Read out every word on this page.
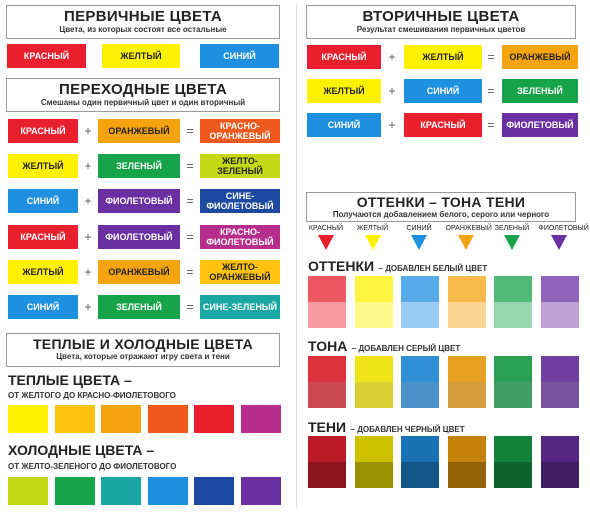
ПЕРВИЧНЫЕ ЦВЕТА
Цвета, из которых состоят все остальные
КРАСНЫЙ	ЖЕЛТЫЙ	СИНИЙ
ПЕРЕХОДНЫЕ ЦВЕТА
Смешаны один первичный цвет и один вторичный
КРАСНЫЙ	+	ОРАНЖЕВЫЙ	=	КРАСНО-ОРАНЖЕВЫЙ
ЖЕЛТЫЙ	+	ЗЕЛЕНЫЙ	=	ЖЕЛТО-ЗЕЛЕНЫЙ
СИНИЙ	+	ФИОЛЕТОВЫЙ	=	СИНЕ-ФИОЛЕТОВЫЙ
КРАСНЫЙ	+	ФИОЛЕТОВЫЙ	=	КРАСНО-ФИОЛЕТОВЫЙ
ЖЕЛТЫЙ	+	ОРАНЖЕВЫЙ	=	ЖЕЛТО-ОРАНЖЕВЫЙ
СИНИЙ	+	ЗЕЛЕНЫЙ	=	СИНЕ-ЗЕЛЕНЫЙ
ТЕПЛЫЕ И ХОЛОДНЫЕ ЦВЕТА
Цвета, которые отражают игру света и тени
ТЕПЛЫЕ ЦВЕТА –
ОТ ЖЕЛТОГО ДО КРАСНО-ФИОЛЕТОВОГО
ХОЛОДНЫЕ ЦВЕТА –
ОТ ЖЕЛТО-ЗЕЛЕНОГО ДО ФИОЛЕТОВОГО
ВТОРИЧНЫЕ ЦВЕТА
Результат смешивания первичных цветов
КРАСНЫЙ	+	ЖЕЛТЫЙ	=	ОРАНЖЕВЫЙ
ЖЕЛТЫЙ	+	СИНИЙ	=	ЗЕЛЕНЫЙ
СИНИЙ	+	КРАСНЫЙ	=	ФИОЛЕТОВЫЙ
ОТТЕНКИ – ТОНА ТЕНИ
Получаются добавлением белого, серого или черного
КРАСНЫЙ	ЖЕЛТЫЙ	СИНИЙ	ОРАНЖЕВЫЙ ЗЕЛЕНЫЙ	ФИОЛЕТОВЫЙ
ОТТЕНКИ – ДОБАВЛЕН БЕЛЫЙ ЦВЕТ
ТОНА – ДОБАВЛЕН СЕРЫЙ ЦВЕТ
ТЕНИ – ДОБАВЛЕН ЧЕРНЫЙ ЦВЕТ
